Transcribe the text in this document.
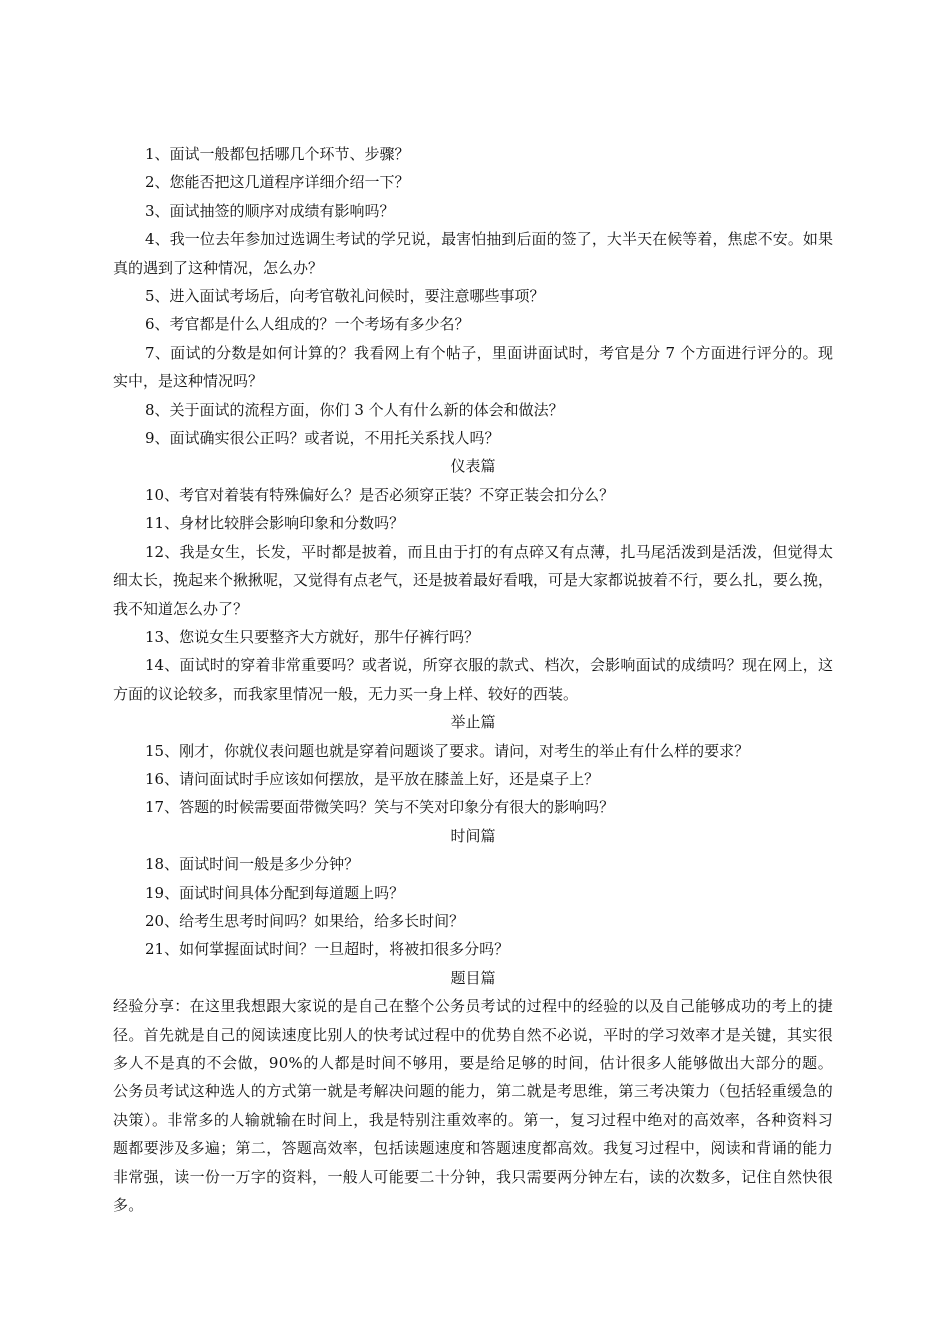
1、面试一般都包括哪几个环节、步骤？

2、您能否把这几道程序详细介绍一下？

3、面试抽签的顺序对成绩有影响吗？

4、我一位去年参加过选调生考试的学兄说，最害怕抽到后面的签了，大半天在候等着，焦虑不安。如果真的遇到了这种情况，怎么办？

5、进入面试考场后，向考官敬礼问候时，要注意哪些事项？

6、考官都是什么人组成的？一个考场有多少名？

7、面试的分数是如何计算的？我看网上有个帖子，里面讲面试时，考官是分 7 个方面进行评分的。现实中，是这种情况吗？

8、关于面试的流程方面，你们 3 个人有什么新的体会和做法？

9、面试确实很公正吗？或者说，不用托关系找人吗？

仪表篇

10、考官对着装有特殊偏好么？是否必须穿正装？不穿正装会扣分么？

11、身材比较胖会影响印象和分数吗？

12、我是女生，长发，平时都是披着，而且由于打的有点碎又有点薄，扎马尾活泼到是活泼，但觉得太细太长，挽起来个揪揪呢，又觉得有点老气，还是披着最好看哦，可是大家都说披着不行，要么扎，要么挽，我不知道怎么办了？

13、您说女生只要整齐大方就好，那牛仔裤行吗？

14、面试时的穿着非常重要吗？或者说，所穿衣服的款式、档次，会影响面试的成绩吗？现在网上，这方面的议论较多，而我家里情况一般，无力买一身上样、较好的西装。

举止篇

15、刚才，你就仪表问题也就是穿着问题谈了要求。请问，对考生的举止有什么样的要求？

16、请问面试时手应该如何摆放，是平放在膝盖上好，还是桌子上？

17、答题的时候需要面带微笑吗？笑与不笑对印象分有很大的影响吗？

时间篇

18、面试时间一般是多少分钟？

19、面试时间具体分配到每道题上吗？

20、给考生思考时间吗？如果给，给多长时间？

21、如何掌握面试时间？一旦超时，将被扣很多分吗？

题目篇

经验分享：在这里我想跟大家说的是自己在整个公务员考试的过程中的经验的以及自己能够成功的考上的捷径。首先就是自己的阅读速度比别人的快考试过程中的优势自然不必说，平时的学习效率才是关键，其实很多人不是真的不会做，90%的人都是时间不够用，要是给足够的时间，估计很多人能够做出大部分的题。公务员考试这种选人的方式第一就是考解决问题的能力，第二就是考思维，第三考决策力（包括轻重缓急的决策）。非常多的人输就输在时间上，我是特别注重效率的。第一，复习过程中绝对的高效率，各种资料习题都要涉及多遍；第二，答题高效率，包括读题速度和答题速度都高效。我复习过程中，阅读和背诵的能力非常强，读一份一万字的资料，一般人可能要二十分钟，我只需要两分钟左右，读的次数多，记住自然快很多。
